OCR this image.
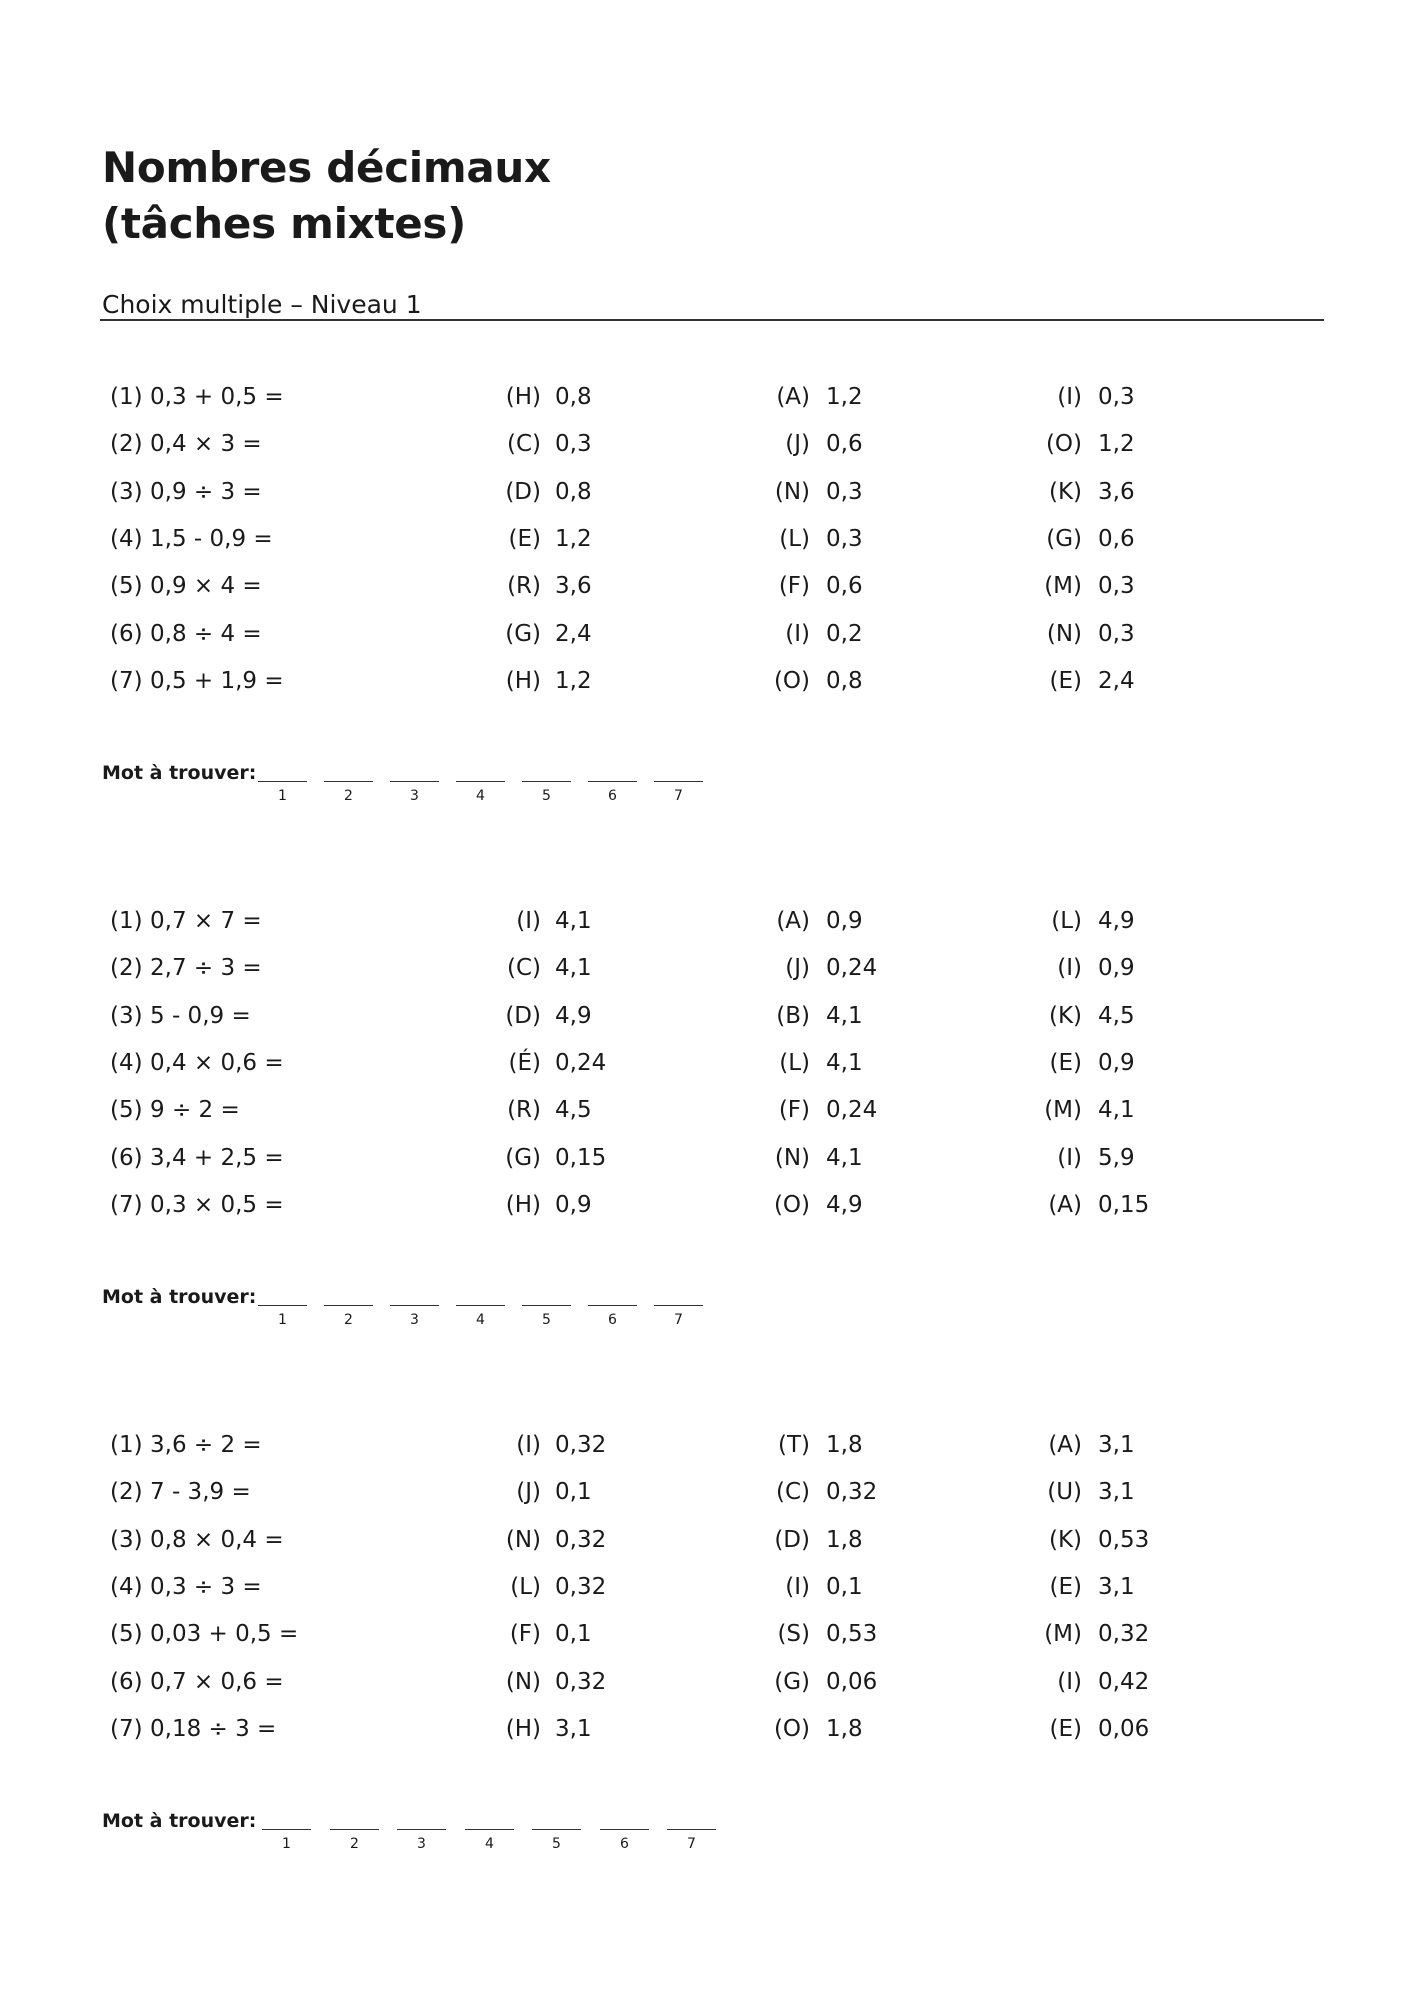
Nombres décimaux
(tâches mixtes)
Choix multiple – Niveau 1
(1) 0,3 + 0,5 =	(H) 0,8	(A) 1,2	(I) 0,3
(2) 0,4 × 3 =	(C) 0,3	(J) 0,6	(O) 1,2
(3) 0,9 ÷ 3 =	(D) 0,8	(N) 0,3	(K) 3,6
(4) 1,5 - 0,9 =	(E) 1,2	(L) 0,3	(G) 0,6
(5) 0,9 × 4 =	(R) 3,6	(F) 0,6	(M) 0,3
(6) 0,8 ÷ 4 =	(G) 2,4	(I) 0,2	(N) 0,3
(7) 0,5 + 1,9 =	(H) 1,2	(O) 0,8	(E) 2,4
Mot à trouver:
1	2	3	4	5	6	7
(1) 0,7 × 7 =	(I) 4,1	(A) 0,9	(L) 4,9
(2) 2,7 ÷ 3 =	(C) 4,1	(J) 0,24	(I) 0,9
(3) 5 - 0,9 =	(D) 4,9	(B) 4,1	(K) 4,5
(4) 0,4 × 0,6 =	(É) 0,24	(L) 4,1	(E) 0,9
(5) 9 ÷ 2 =	(R) 4,5	(F) 0,24	(M) 4,1
(6) 3,4 + 2,5 =	(G) 0,15	(N) 4,1	(I) 5,9
(7) 0,3 × 0,5 =	(H) 0,9	(O) 4,9	(A) 0,15
Mot à trouver:
1	2	3	4	5	6	7
(1) 3,6 ÷ 2 =	(I) 0,32	(T) 1,8	(A) 3,1
(2) 7 - 3,9 =	(J) 0,1	(C) 0,32	(U) 3,1
(3) 0,8 × 0,4 =	(N) 0,32	(D) 1,8	(K) 0,53
(4) 0,3 ÷ 3 =	(L) 0,32	(I) 0,1	(E) 3,1
(5) 0,03 + 0,5 =	(F) 0,1	(S) 0,53	(M) 0,32
(6) 0,7 × 0,6 =	(N) 0,32	(G) 0,06	(I) 0,42
(7) 0,18 ÷ 3 =	(H) 3,1	(O) 1,8	(E) 0,06
Mot à trouver:
1	2	3	4	5	6	7
